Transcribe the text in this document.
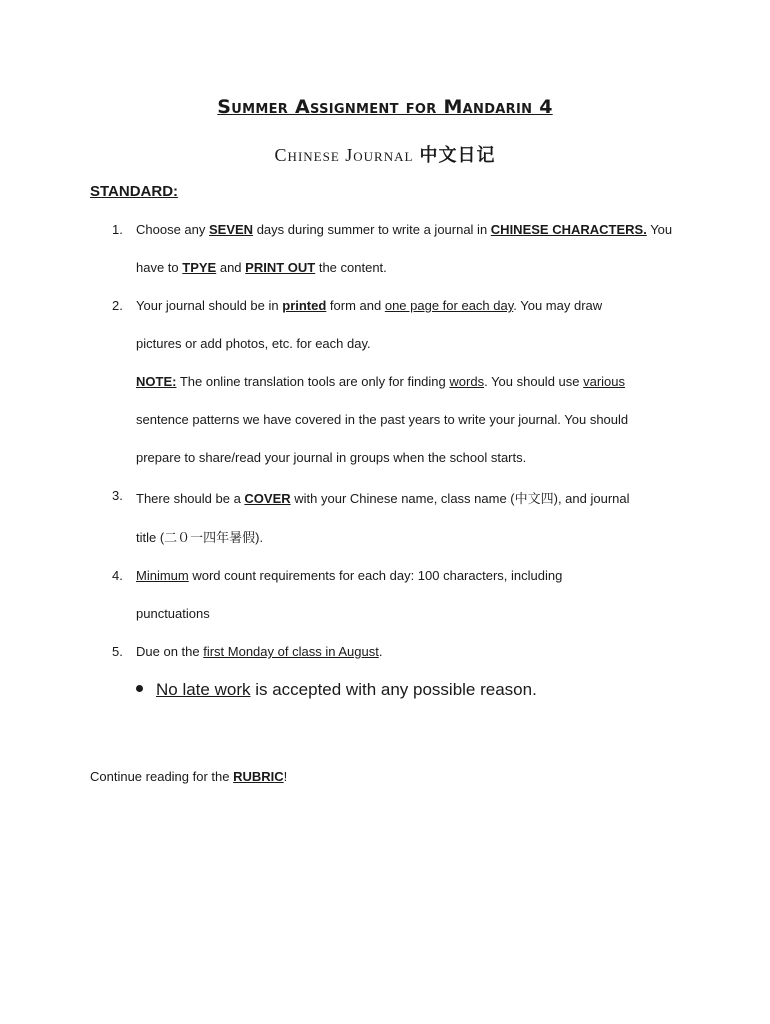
Summer Assignment for Mandarin 4
Chinese Journal 中文日记
STANDARD:
1. Choose any SEVEN days during summer to write a journal in CHINESE CHARACTERS. You
have to TPYE and PRINT OUT the content.
2. Your journal should be in printed form and one page for each day. You may draw
pictures or add photos, etc. for each day.
NOTE: The online translation tools are only for finding words. You should use various
sentence patterns we have covered in the past years to write your journal. You should
prepare to share/read your journal in groups when the school starts.
3. There should be a COVER with your Chinese name, class name (中文四), and journal
title (二０一四年暑假).
4. Minimum word count requirements for each day: 100 characters, including
punctuations
5. Due on the first Monday of class in August.
No late work is accepted with any possible reason.
Continue reading for the RUBRIC!
